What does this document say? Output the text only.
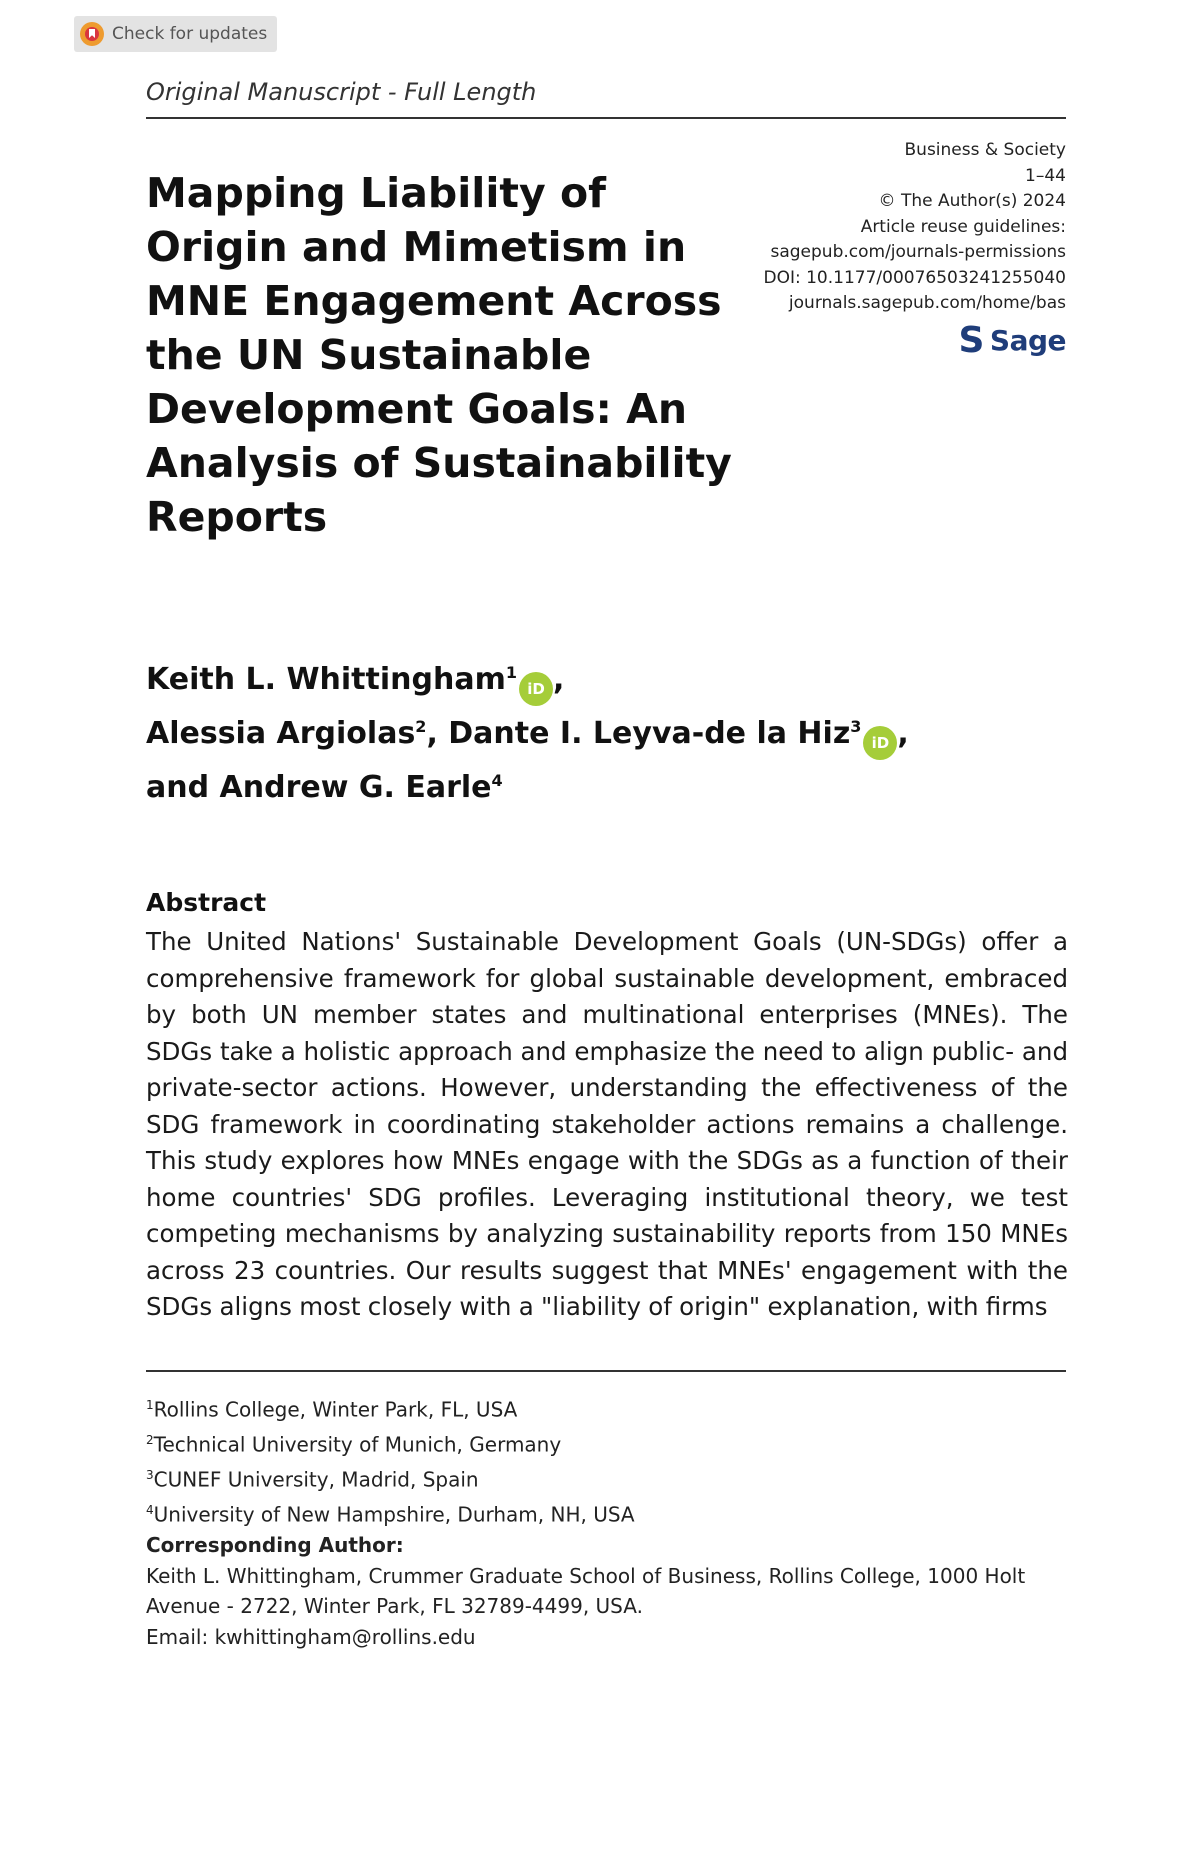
Check for updates
Original Manuscript - Full Length
Business & Society
1–44
© The Author(s) 2024
Article reuse guidelines:
sagepub.com/journals-permissions
DOI: 10.1177/00076503241255040
journals.sagepub.com/home/bas
S Sage
Mapping Liability of Origin and Mimetism in MNE Engagement Across the UN Sustainable Development Goals: An Analysis of Sustainability Reports
Keith L. Whittingham$^1$iD ,
Alessia Argiolas$^2$, Dante I. Leyva-de la Hiz$^3$iD ,
and Andrew G. Earle$^4$
Abstract

The United Nations' Sustainable Development Goals (UN-SDGs) offer a comprehensive framework for global sustainable development, embraced by both UN member states and multinational enterprises (MNEs). The SDGs take a holistic approach and emphasize the need to align public- and private-sector actions. However, understanding the effectiveness of the SDG framework in coordinating stakeholder actions remains a challenge. This study explores how MNEs engage with the SDGs as a function of their home countries' SDG profiles. Leveraging institutional theory, we test competing mechanisms by analyzing sustainability reports from 150 MNEs across 23 countries. Our results suggest that MNEs' engagement with the SDGs aligns most closely with a "liability of origin" explanation, with firms

$^1$Rollins College, Winter Park, FL, USA
$^2$Technical University of Munich, Germany
$^3$CUNEF University, Madrid, Spain
$^4$University of New Hampshire, Durham, NH, USA
Corresponding Author:
Keith L. Whittingham, Crummer Graduate School of Business, Rollins College, 1000 Holt Avenue - 2722, Winter Park, FL 32789-4499, USA.
Email: kwhittingham@rollins.edu
